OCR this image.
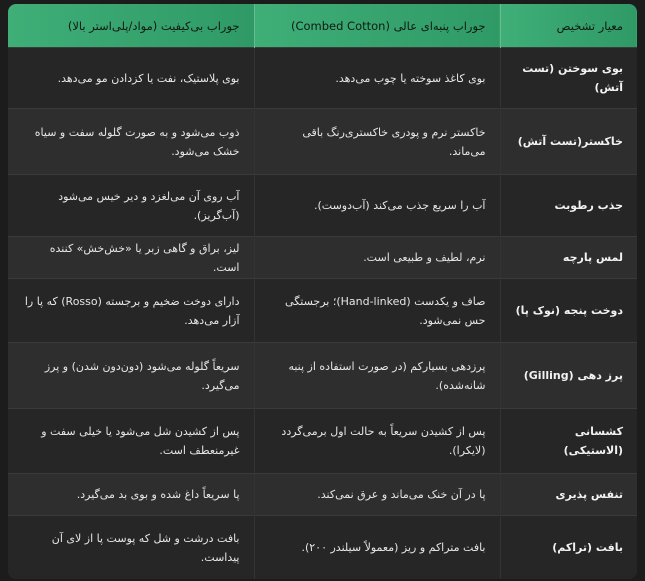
معیار تشخیص	جوراب پنبه‌ای عالی (Combed Cotton)	جوراب بی‌کیفیت (مواد/پلی‌استر بالا)
بوی سوختن (تست آتش)	بوی کاغذ سوخته یا چوب می‌دهد.	بوی پلاستیک، نفت یا کزدادن مو می‌دهد.
خاکستر(تست آتش)	خاکستر نرم و پودری خاکستری‌رنگ باقی می‌ماند.	ذوب می‌شود و به صورت گلوله سفت و سیاه خشک می‌شود.
جذب رطوبت	آب را سریع جذب می‌کند (آب‌دوست).	آب روی آن می‌لغزد و دیر خیس می‌شود (آب‌گریز).
لمس پارچه	نرم، لطیف و طبیعی است.	لیز، براق و گاهی زبر یا «خش‌خش» کننده است.
دوخت پنجه (نوک پا)	صاف و یکدست (Hand-linked)؛ برجستگی حس نمی‌شود.	دارای دوخت ضخیم و برجسته (Rosso) که پا را آزار می‌دهد.
پرز دهی (Gilling)	پرزدهی بسیارکم (در صورت استفاده از پنبه شانه‌شده).	سریعاً گلوله می‌شود (دون‌دون شدن) و پرز می‌گیرد.
کشسانی (الاستیکی)	پس از کشیدن سریعاً به حالت اول برمی‌گردد (لایکرا).	پس از کشیدن شل می‌شود یا خیلی سفت و غیرمنعطف است.
تنفس پذیری	پا در آن خنک می‌ماند و عرق نمی‌کند.	پا سریعاً داغ شده و بوی بد می‌گیرد.
بافت (تراکم)	بافت متراکم و ریز (معمولاً سیلندر ۲۰۰).	بافت درشت و شل که پوست پا از لای آن پیداست.
